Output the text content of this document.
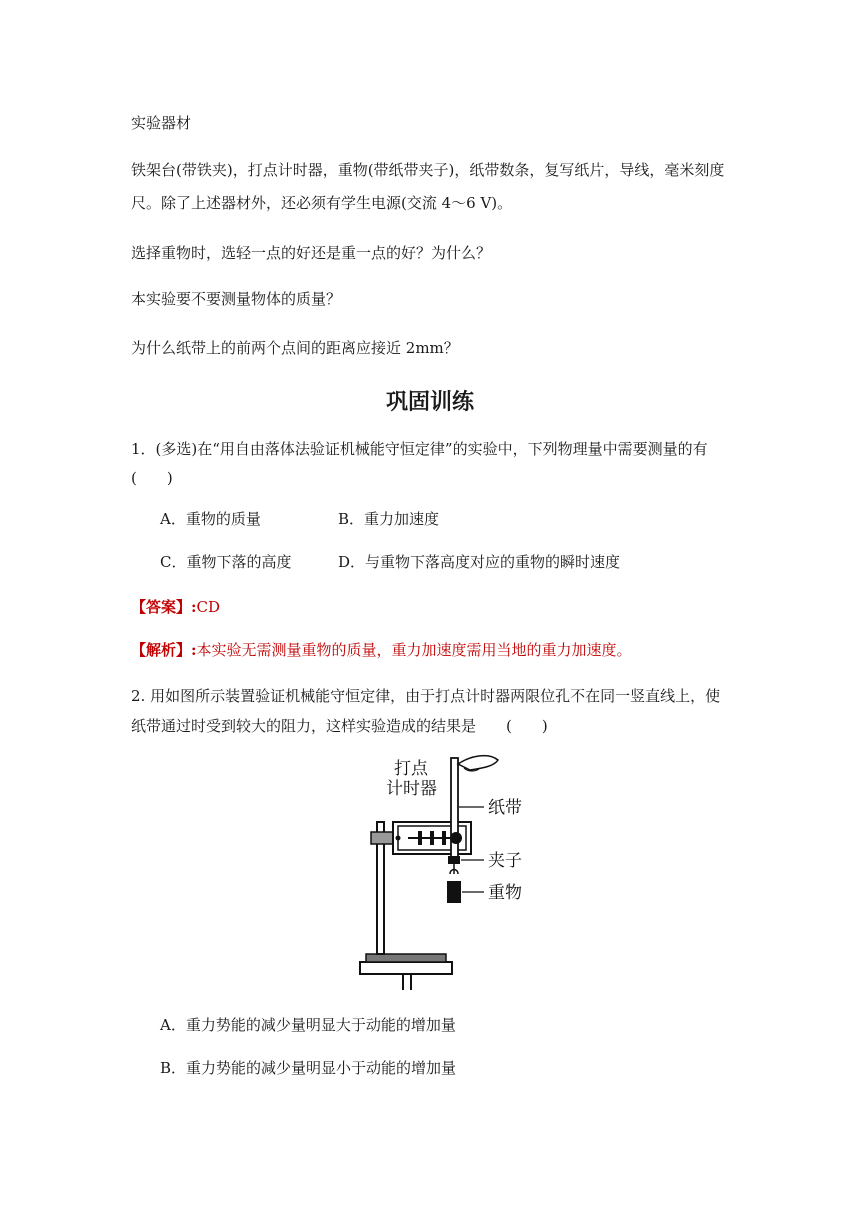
实验器材
铁架台(带铁夹)，打点计时器，重物(带纸带夹子)，纸带数条，复写纸片，导线，毫米刻度
尺。除了上述器材外，还必须有学生电源(交流 4～6 V)。
选择重物时，选轻一点的好还是重一点的好？为什么？
本实验要不要测量物体的质量？
为什么纸带上的前两个点间的距离应接近 2mm？
巩固训练
1．(多选)在“用自由落体法验证机械能守恒定律”的实验中，下列物理量中需要测量的有
(　　)
A．重物的质量	B．重力加速度
C．重物下落的高度	D．与重物下落高度对应的重物的瞬时速度
【答案】:CD
【解析】:本实验无需测量重物的质量，重力加速度需用当地的重力加速度。
2. 用如图所示装置验证机械能守恒定律，由于打点计时器两限位孔不在同一竖直线上，使
纸带通过时受到较大的阻力，这样实验造成的结果是　　(　　)
打点
计时器
纸带
夹子
重物
A．重力势能的减少量明显大于动能的增加量
B．重力势能的减少量明显小于动能的增加量
